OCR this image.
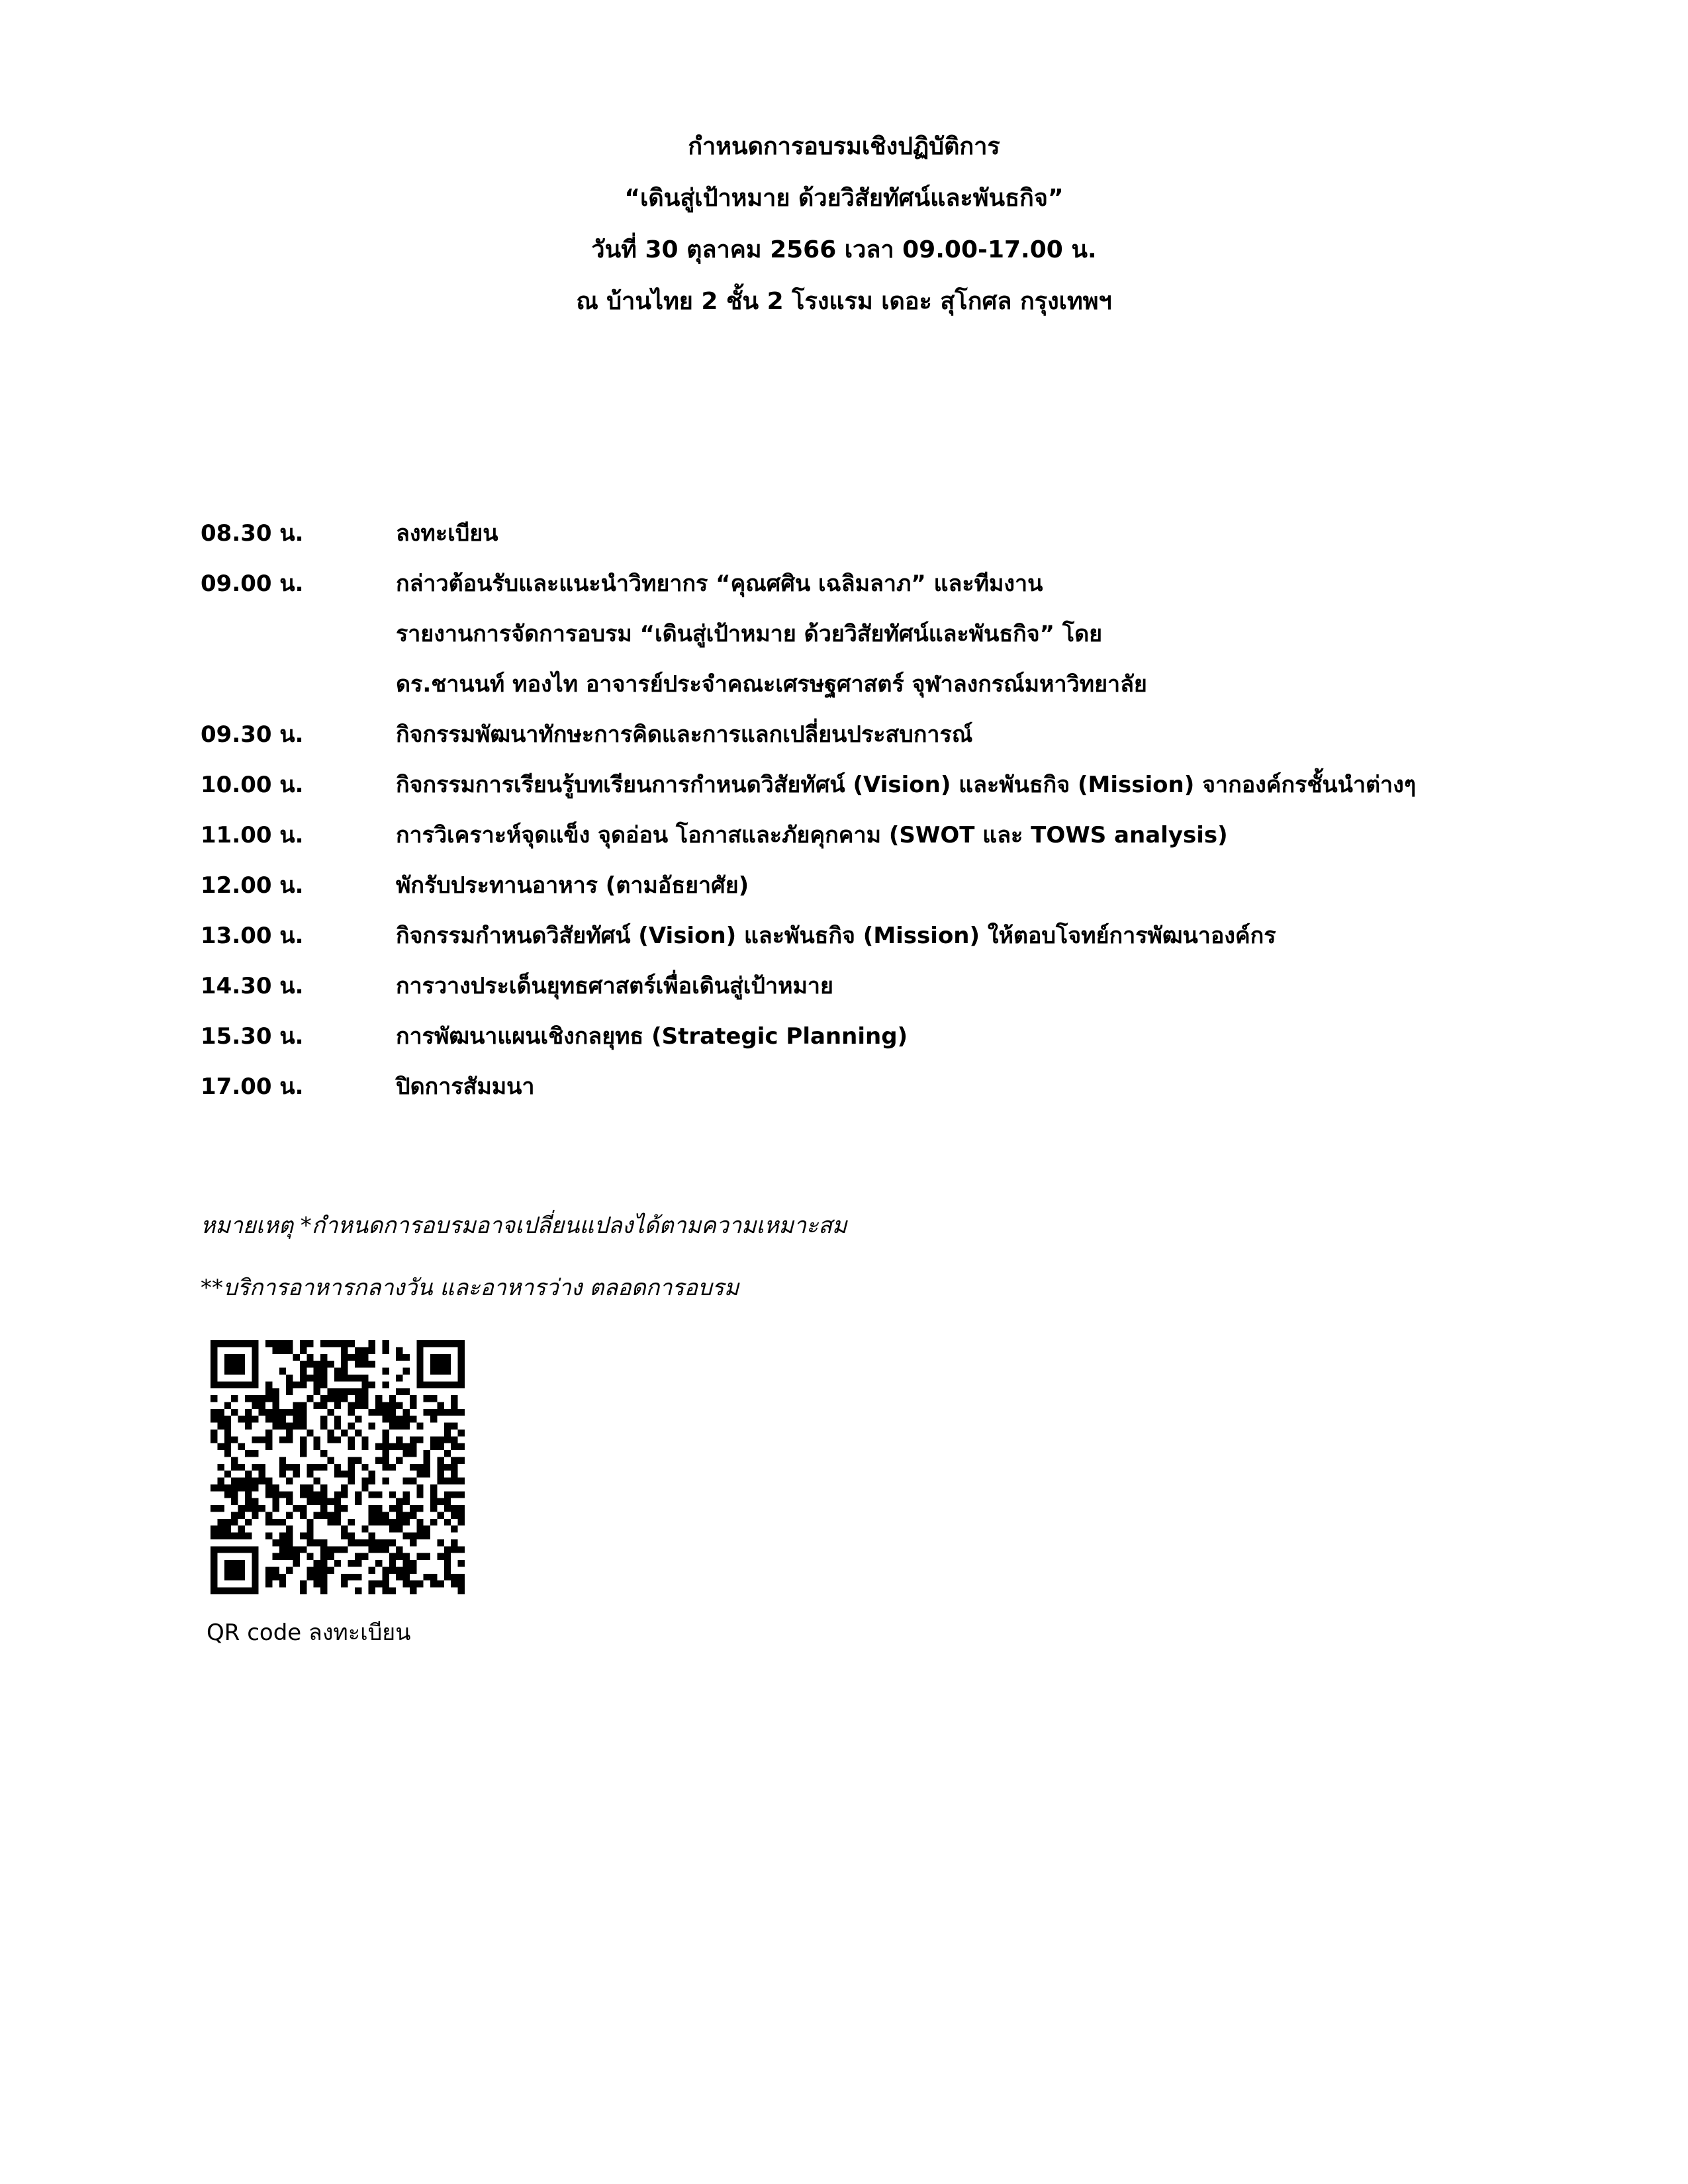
กำหนดการอบรมเชิงปฏิบัติการ
“เดินสู่เป้าหมาย ด้วยวิสัยทัศน์และพันธกิจ”
วันที่ 30 ตุลาคม 2566 เวลา 09.00-17.00 น.
ณ บ้านไทย 2 ชั้น 2 โรงแรม เดอะ สุโกศล กรุงเทพฯ
08.30 น.	ลงทะเบียน
09.00 น.	กล่าวต้อนรับและแนะนำวิทยากร “คุณศศิน เฉลิมลาภ” และทีมงาน
รายงานการจัดการอบรม “เดินสู่เป้าหมาย ด้วยวิสัยทัศน์และพันธกิจ” โดย
ดร.ชานนท์ ทองไท อาจารย์ประจำคณะเศรษฐศาสตร์ จุฬาลงกรณ์มหาวิทยาลัย
09.30 น.	กิจกรรมพัฒนาทักษะการคิดและการแลกเปลี่ยนประสบการณ์
10.00 น.	กิจกรรมการเรียนรู้บทเรียนการกำหนดวิสัยทัศน์ (Vision) และพันธกิจ (Mission) จากองค์กรชั้นนำต่างๆ
11.00 น.	การวิเคราะห์จุดแข็ง จุดอ่อน โอกาสและภัยคุกคาม (SWOT และ TOWS analysis)
12.00 น.	พักรับประทานอาหาร (ตามอัธยาศัย)
13.00 น.	กิจกรรมกำหนดวิสัยทัศน์ (Vision) และพันธกิจ (Mission) ให้ตอบโจทย์การพัฒนาองค์กร
14.30 น.	การวางประเด็นยุทธศาสตร์เพื่อเดินสู่เป้าหมาย
15.30 น.	การพัฒนาแผนเชิงกลยุทธ (Strategic Planning)
17.00 น.	ปิดการสัมมนา
หมายเหตุ *กำหนดการอบรมอาจเปลี่ยนแปลงได้ตามความเหมาะสม
**บริการอาหารกลางวัน และอาหารว่าง ตลอดการอบรม
QR code ลงทะเบียน
